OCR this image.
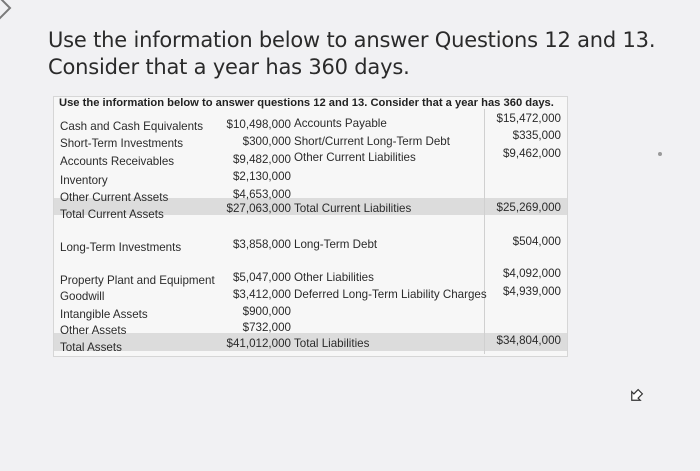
Use the information below to answer Questions 12 and 13.
Consider that a year has 360 days.
Use the information below to answer questions 12 and 13. Consider that a year has 360 days.
Cash and Cash Equivalents $10,498,000 Accounts Payable	$15,472,000
Short-Term Investments	$300,000 Short/Current Long-Term Debt	$335,000
Accounts Receivables	$9,482,000 Other Current Liabilities	$9,462,000
Inventory	$2,130,000
Other Current Assets	$4,653,000
Total Current Assets	$27,063,000 Total Current Liabilities	$25,269,000
Long-Term Investments	$3,858,000 Long-Term Debt	$504,000
Property Plant and Equipment $5,047,000 Other Liabilities	$4,092,000
Goodwill	$3,412,000 Deferred Long-Term Liability Charges $4,939,000
Intangible Assets	$900,000
Other Assets	$732,000
Total Assets	$41,012,000 Total Liabilities	$34,804,000
